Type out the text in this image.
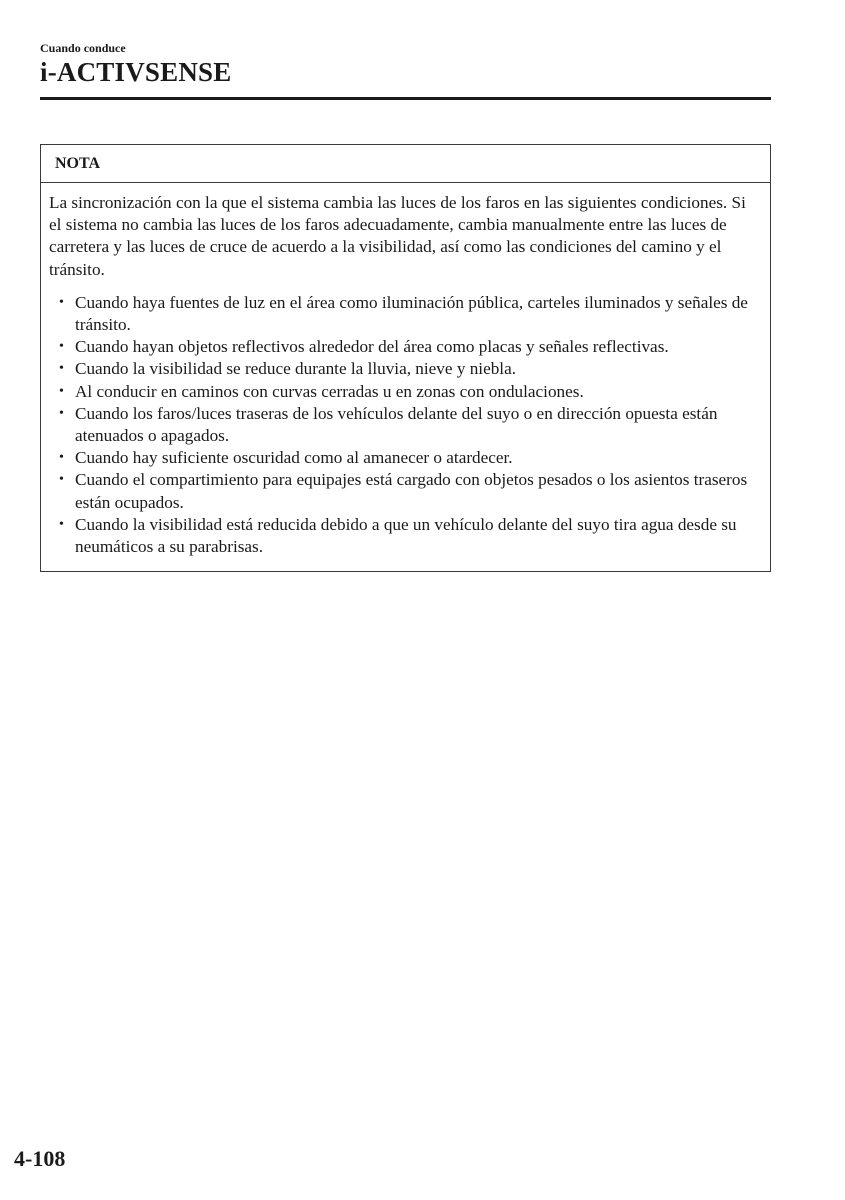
Cuando conduce
i-ACTIVSENSE
NOTA

La sincronización con la que el sistema cambia las luces de los faros en las siguientes condiciones. Si el sistema no cambia las luces de los faros adecuadamente, cambia manualmente entre las luces de carretera y las luces de cruce de acuerdo a la visibilidad, así como las condiciones del camino y el tránsito.

• Cuando haya fuentes de luz en el área como iluminación pública, carteles iluminados y señales de tránsito.
• Cuando hayan objetos reflectivos alrededor del área como placas y señales reflectivas.
• Cuando la visibilidad se reduce durante la lluvia, nieve y niebla.
• Al conducir en caminos con curvas cerradas u en zonas con ondulaciones.
• Cuando los faros/luces traseras de los vehículos delante del suyo o en dirección opuesta están atenuados o apagados.
• Cuando hay suficiente oscuridad como al amanecer o atardecer.
• Cuando el compartimiento para equipajes está cargado con objetos pesados o los asientos traseros están ocupados.
• Cuando la visibilidad está reducida debido a que un vehículo delante del suyo tira agua desde su neumáticos a su parabrisas.
4-108
